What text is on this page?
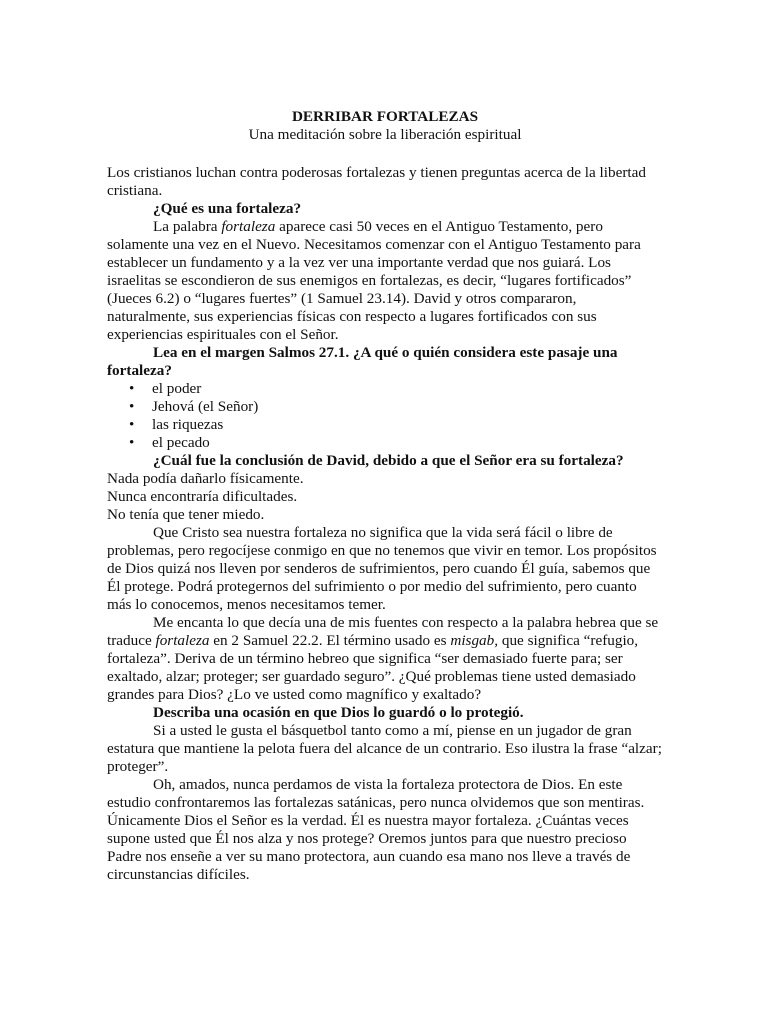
DERRIBAR FORTALEZAS

Una meditación sobre la liberación espiritual

Los cristianos luchan contra poderosas fortalezas y tienen preguntas acerca de la libertad cristiana.

¿Qué es una fortaleza?

La palabra fortaleza aparece casi 50 veces en el Antiguo Testamento, pero solamente una vez en el Nuevo. Necesitamos comenzar con el Antiguo Testamento para establecer un fundamento y a la vez ver una importante verdad que nos guiará. Los israelitas se escondieron de sus enemigos en fortalezas, es decir, “lugares fortificados” (Jueces 6.2) o “lugares fuertes” (1 Samuel 23.14). David y otros compararon, naturalmente, sus experiencias físicas con respecto a lugares fortificados con sus experiencias espirituales con el Señor.

Lea en el margen Salmos 27.1. ¿A qué o quién considera este pasaje una fortaleza?

• el poder
• Jehová (el Señor)
• las riquezas
• el pecado

¿Cuál fue la conclusión de David, debido a que el Señor era su fortaleza?

Nada podía dañarlo físicamente.

Nunca encontraría dificultades.

No tenía que tener miedo.

Que Cristo sea nuestra fortaleza no significa que la vida será fácil o libre de problemas, pero regocíjese conmigo en que no tenemos que vivir en temor. Los propósitos de Dios quizá nos lleven por senderos de sufrimientos, pero cuando Él guía, sabemos que Él protege. Podrá protegernos del sufrimiento o por medio del sufrimiento, pero cuanto más lo conocemos, menos necesitamos temer.

Me encanta lo que decía una de mis fuentes con respecto a la palabra hebrea que se traduce fortaleza en 2 Samuel 22.2. El término usado es misgab, que significa “refugio, fortaleza”. Deriva de un término hebreo que significa “ser demasiado fuerte para; ser exaltado, alzar; proteger; ser guardado seguro”. ¿Qué problemas tiene usted demasiado grandes para Dios? ¿Lo ve usted como magnífico y exaltado?

Describa una ocasión en que Dios lo guardó o lo protegió.

Si a usted le gusta el básquetbol tanto como a mí, piense en un jugador de gran estatura que mantiene la pelota fuera del alcance de un contrario. Eso ilustra la frase “alzar; proteger”.

Oh, amados, nunca perdamos de vista la fortaleza protectora de Dios. En este estudio confrontaremos las fortalezas satánicas, pero nunca olvidemos que son mentiras. Únicamente Dios el Señor es la verdad. Él es nuestra mayor fortaleza. ¿Cuántas veces supone usted que Él nos alza y nos protege? Oremos juntos para que nuestro precioso Padre nos enseñe a ver su mano protectora, aun cuando esa mano nos lleve a través de circunstancias difíciles.
